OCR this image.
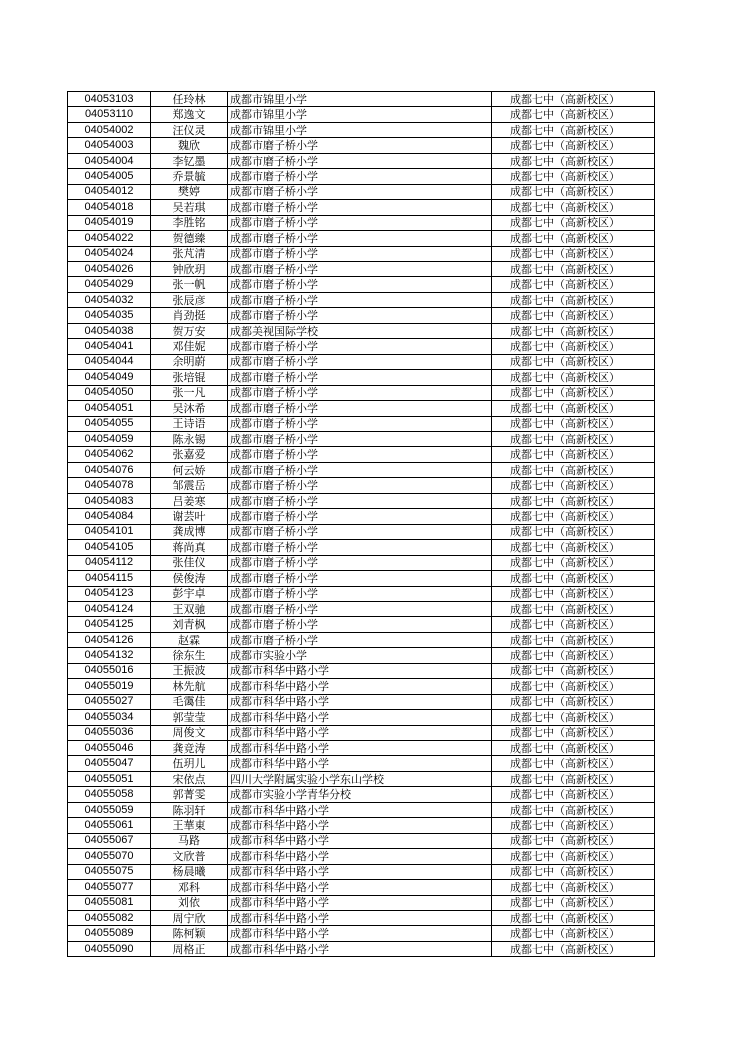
04053103	任玲林	成都市锦里小学	成都七中（高新校区）
04053110	郑逸文	成都市锦里小学	成都七中（高新校区）
04054002	汪仪灵	成都市锦里小学	成都七中（高新校区）
04054003	魏欣	成都市磨子桥小学	成都七中（高新校区）
04054004	李钇墨	成都市磨子桥小学	成都七中（高新校区）
04054005	乔景毓	成都市磨子桥小学	成都七中（高新校区）
04054012	樊婷	成都市磨子桥小学	成都七中（高新校区）
04054018	吴若琪	成都市磨子桥小学	成都七中（高新校区）
04054019	李胜铭	成都市磨子桥小学	成都七中（高新校区）
04054022	贺德臻	成都市磨子桥小学	成都七中（高新校区）
04054024	张芃清	成都市磨子桥小学	成都七中（高新校区）
04054026	钟欣玥	成都市磨子桥小学	成都七中（高新校区）
04054029	张一帆	成都市磨子桥小学	成都七中（高新校区）
04054032	张辰彦	成都市磨子桥小学	成都七中（高新校区）
04054035	肖劲挺	成都市磨子桥小学	成都七中（高新校区）
04054038	贺万安	成都美视国际学校	成都七中（高新校区）
04054041	邓佳妮	成都市磨子桥小学	成都七中（高新校区）
04054044	余明蔚	成都市磨子桥小学	成都七中（高新校区）
04054049	张培锟	成都市磨子桥小学	成都七中（高新校区）
04054050	张一凡	成都市磨子桥小学	成都七中（高新校区）
04054051	吴沐希	成都市磨子桥小学	成都七中（高新校区）
04054055	王诗语	成都市磨子桥小学	成都七中（高新校区）
04054059	陈永锡	成都市磨子桥小学	成都七中（高新校区）
04054062	张嘉爱	成都市磨子桥小学	成都七中（高新校区）
04054076	何云娇	成都市磨子桥小学	成都七中（高新校区）
04054078	邹震岳	成都市磨子桥小学	成都七中（高新校区）
04054083	吕姜寒	成都市磨子桥小学	成都七中（高新校区）
04054084	谢芸叶	成都市磨子桥小学	成都七中（高新校区）
04054101	龚成博	成都市磨子桥小学	成都七中（高新校区）
04054105	蒋尚真	成都市磨子桥小学	成都七中（高新校区）
04054112	张佳仪	成都市磨子桥小学	成都七中（高新校区）
04054115	侯俊涛	成都市磨子桥小学	成都七中（高新校区）
04054123	彭宇卓	成都市磨子桥小学	成都七中（高新校区）
04054124	王双驰	成都市磨子桥小学	成都七中（高新校区）
04054125	刘青枫	成都市磨子桥小学	成都七中（高新校区）
04054126	赵霖	成都市磨子桥小学	成都七中（高新校区）
04054132	徐东生	成都市实验小学	成都七中（高新校区）
04055016	王振波	成都市科华中路小学	成都七中（高新校区）
04055019	林先航	成都市科华中路小学	成都七中（高新校区）
04055027	毛霭佳	成都市科华中路小学	成都七中（高新校区）
04055034	郭莹莹	成都市科华中路小学	成都七中（高新校区）
04055036	周俊文	成都市科华中路小学	成都七中（高新校区）
04055046	龚竞涛	成都市科华中路小学	成都七中（高新校区）
04055047	伍玥儿	成都市科华中路小学	成都七中（高新校区）
04055051	宋依点	四川大学附属实验小学东山学校	成都七中（高新校区）
04055058	郭菁雯	成都市实验小学青华分校	成都七中（高新校区）
04055059	陈羽轩	成都市科华中路小学	成都七中（高新校区）
04055061	王華東	成都市科华中路小学	成都七中（高新校区）
04055067	马路	成都市科华中路小学	成都七中（高新校区）
04055070	文欣普	成都市科华中路小学	成都七中（高新校区）
04055075	杨晨曦	成都市科华中路小学	成都七中（高新校区）
04055077	邓科	成都市科华中路小学	成都七中（高新校区）
04055081	刘依	成都市科华中路小学	成都七中（高新校区）
04055082	周宁欣	成都市科华中路小学	成都七中（高新校区）
04055089	陈柯颖	成都市科华中路小学	成都七中（高新校区）
04055090	周格正	成都市科华中路小学	成都七中（高新校区）
